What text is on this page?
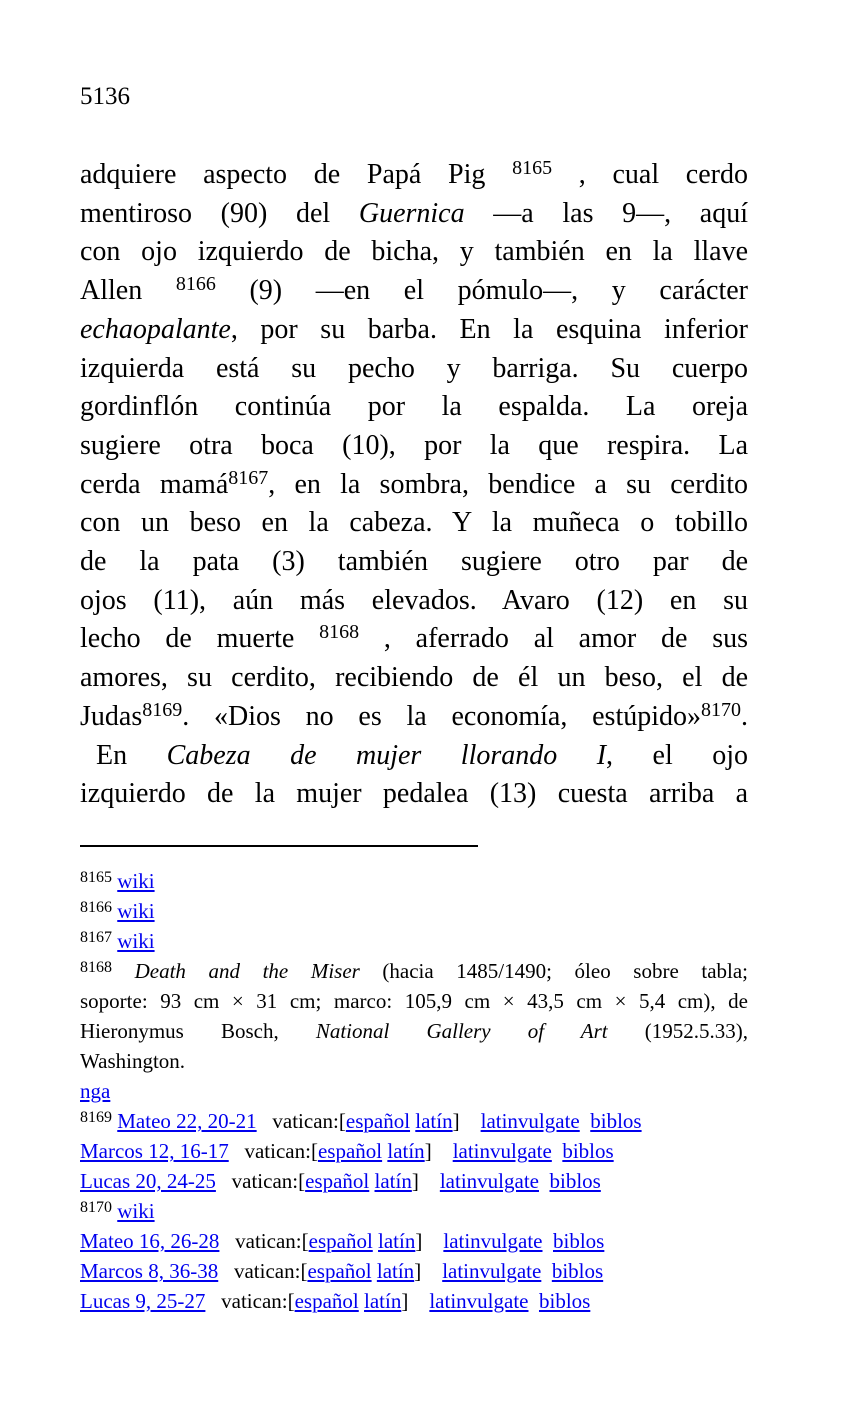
5136
adquiere aspecto de Papá Pig $^{8165}$ , cual cerdo
mentiroso (90) del Guernica —a las 9—, aquí
con ojo izquierdo de bicha, y también en la llave
Allen $^{8166}$ (9) —en el pómulo—, y carácter
echaopalante, por su barba. En la esquina inferior
izquierda está su pecho y barriga. Su cuerpo
gordinflón continúa por la espalda. La oreja
sugiere otra boca (10), por la que respira. La
cerda mamá$^{8167}$, en la sombra, bendice a su cerdito
con un beso en la cabeza. Y la muñeca o tobillo
de la pata (3) también sugiere otro par de
ojos (11), aún más elevados. Avaro (12) en su
lecho de muerte $^{8168}$ , aferrado al amor de sus
amores, su cerdito, recibiendo de él un beso, el de
Judas$^{8169}$. «Dios no es la economía, estúpido»$^{8170}$.
En Cabeza de mujer llorando I, el ojo
izquierdo de la mujer pedalea (13) cuesta arriba a
$^{8165}$ wiki
$^{8166}$ wiki
$^{8167}$ wiki
$^{8168}$ Death and the Miser (hacia 1485/1490; óleo sobre tabla;
soporte: 93 cm × 31 cm; marco: 105,9 cm × 43,5 cm × 5,4 cm), de
Hieronymus Bosch, National Gallery of Art (1952.5.33),
Washington.
nga
$^{8169}$ Mateo 22, 20-21   vatican:[español latín]    latinvulgate biblos
Marcos 12, 16-17   vatican:[español latín]    latinvulgate biblos
Lucas 20, 24-25   vatican:[español latín]    latinvulgate biblos
$^{8170}$ wiki
Mateo 16, 26-28   vatican:[español latín]    latinvulgate biblos
Marcos 8, 36-38   vatican:[español latín]    latinvulgate biblos
Lucas 9, 25-27   vatican:[español latín]    latinvulgate biblos
